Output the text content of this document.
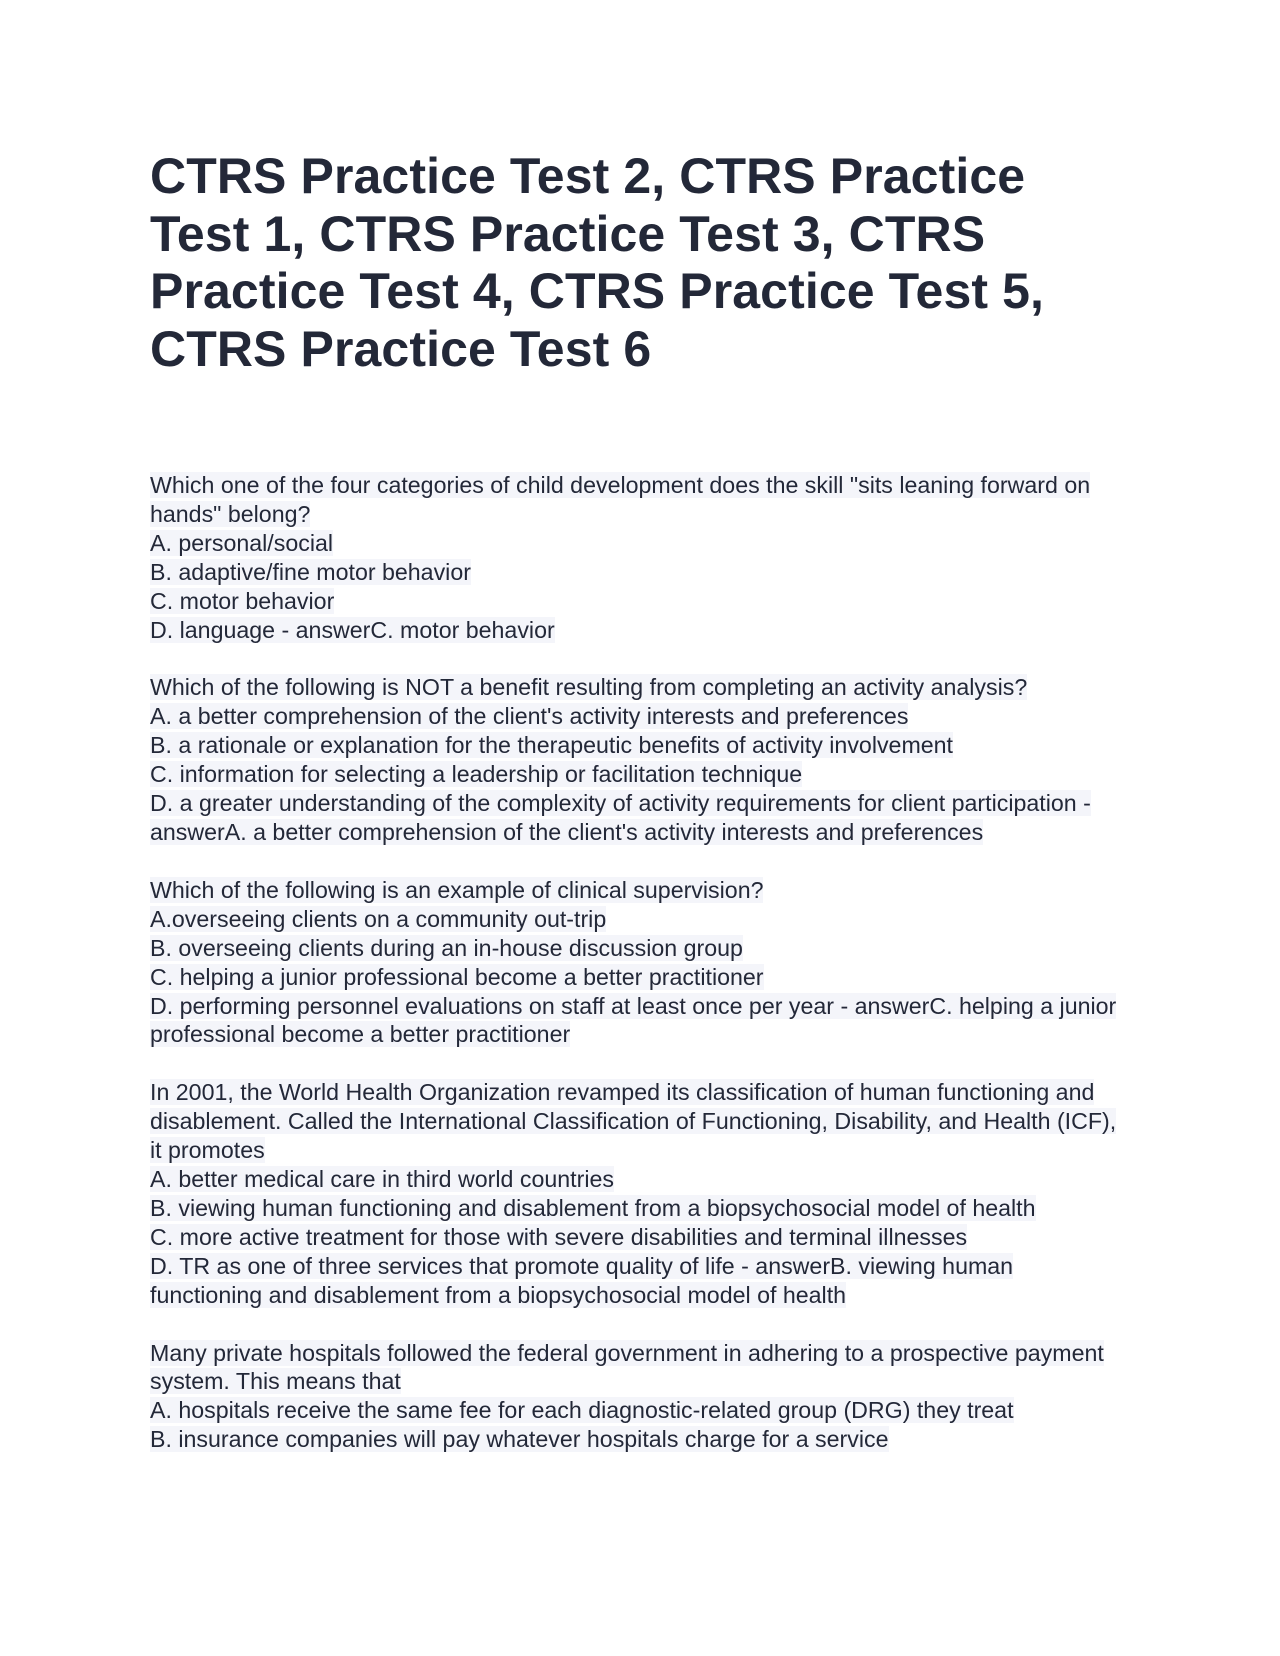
CTRS Practice Test 2, CTRS Practice Test 1, CTRS Practice Test 3, CTRS Practice Test 4, CTRS Practice Test 5, CTRS Practice Test 6
Which one of the four categories of child development does the skill "sits leaning forward on hands" belong?
A. personal/social
B. adaptive/fine motor behavior
C. motor behavior
D. language - answerC. motor behavior
Which of the following is NOT a benefit resulting from completing an activity analysis?
A. a better comprehension of the client's activity interests and preferences
B. a rationale or explanation for the therapeutic benefits of activity involvement
C. information for selecting a leadership or facilitation technique
D. a greater understanding of the complexity of activity requirements for client participation - answerA. a better comprehension of the client's activity interests and preferences
Which of the following is an example of clinical supervision?
A.overseeing clients on a community out-trip
B. overseeing clients during an in-house discussion group
C. helping a junior professional become a better practitioner
D. performing personnel evaluations on staff at least once per year - answerC. helping a junior professional become a better practitioner
In 2001, the World Health Organization revamped its classification of human functioning and disablement. Called the International Classification of Functioning, Disability, and Health (ICF), it promotes
A. better medical care in third world countries
B. viewing human functioning and disablement from a biopsychosocial model of health
C. more active treatment for those with severe disabilities and terminal illnesses
D. TR as one of three services that promote quality of life - answerB. viewing human functioning and disablement from a biopsychosocial model of health
Many private hospitals followed the federal government in adhering to a prospective payment system. This means that
A. hospitals receive the same fee for each diagnostic-related group (DRG) they treat
B. insurance companies will pay whatever hospitals charge for a service
